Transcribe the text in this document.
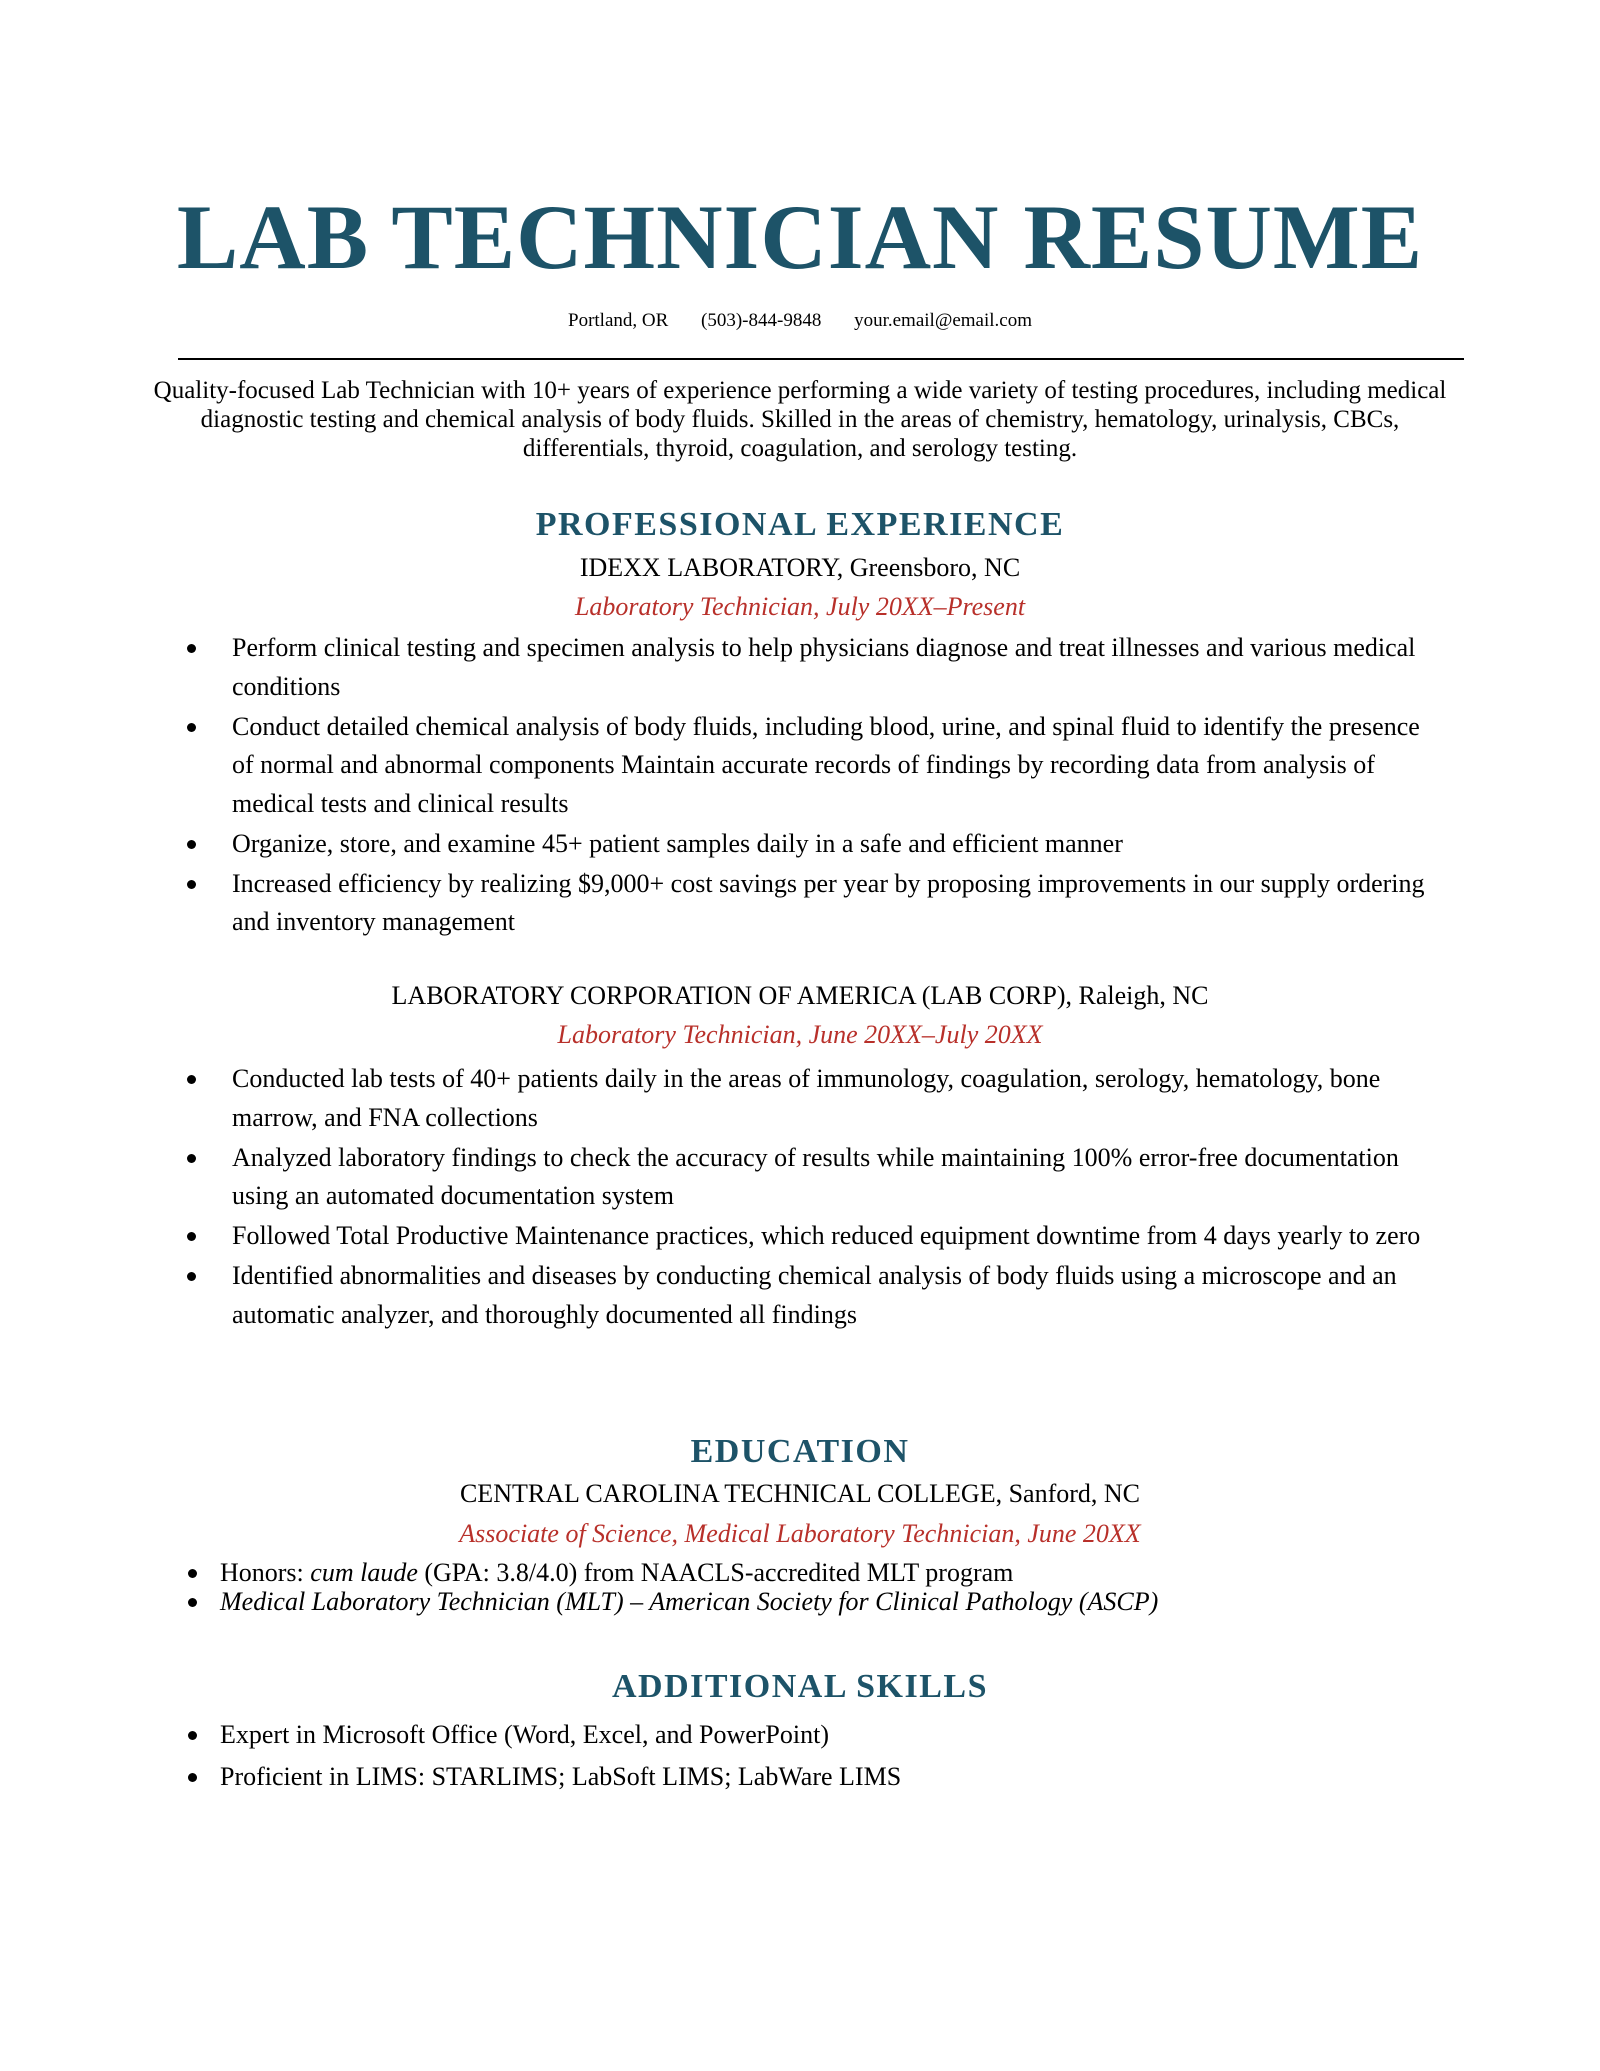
LAB TECHNICIAN RESUME
Portland, OR (503)-844-9848 your.email@email.com
Quality-focused Lab Technician with 10+ years of experience performing a wide variety of testing procedures, including medical diagnostic testing and chemical analysis of body fluids. Skilled in the areas of chemistry, hematology, urinalysis, CBCs, differentials, thyroid, coagulation, and serology testing.
PROFESSIONAL EXPERIENCE
IDEXX LABORATORY, Greensboro, NC
Laboratory Technician, July 20XX–Present
Perform clinical testing and specimen analysis to help physicians diagnose and treat illnesses and various medical conditions
Conduct detailed chemical analysis of body fluids, including blood, urine, and spinal fluid to identify the presence of normal and abnormal components Maintain accurate records of findings by recording data from analysis of medical tests and clinical results
Organize, store, and examine 45+ patient samples daily in a safe and efficient manner
Increased efficiency by realizing $9,000+ cost savings per year by proposing improvements in our supply ordering and inventory management
LABORATORY CORPORATION OF AMERICA (LAB CORP), Raleigh, NC
Laboratory Technician, June 20XX–July 20XX
Conducted lab tests of 40+ patients daily in the areas of immunology, coagulation, serology, hematology, bone marrow, and FNA collections
Analyzed laboratory findings to check the accuracy of results while maintaining 100% error-free documentation using an automated documentation system
Followed Total Productive Maintenance practices, which reduced equipment downtime from 4 days yearly to zero
Identified abnormalities and diseases by conducting chemical analysis of body fluids using a microscope and an automatic analyzer, and thoroughly documented all findings
EDUCATION
CENTRAL CAROLINA TECHNICAL COLLEGE, Sanford, NC
Associate of Science, Medical Laboratory Technician, June 20XX
Honors: cum laude (GPA: 3.8/4.0) from NAACLS-accredited MLT program
Medical Laboratory Technician (MLT) – American Society for Clinical Pathology (ASCP)
ADDITIONAL SKILLS
Expert in Microsoft Office (Word, Excel, and PowerPoint)
Proficient in LIMS: STARLIMS; LabSoft LIMS; LabWare LIMS
